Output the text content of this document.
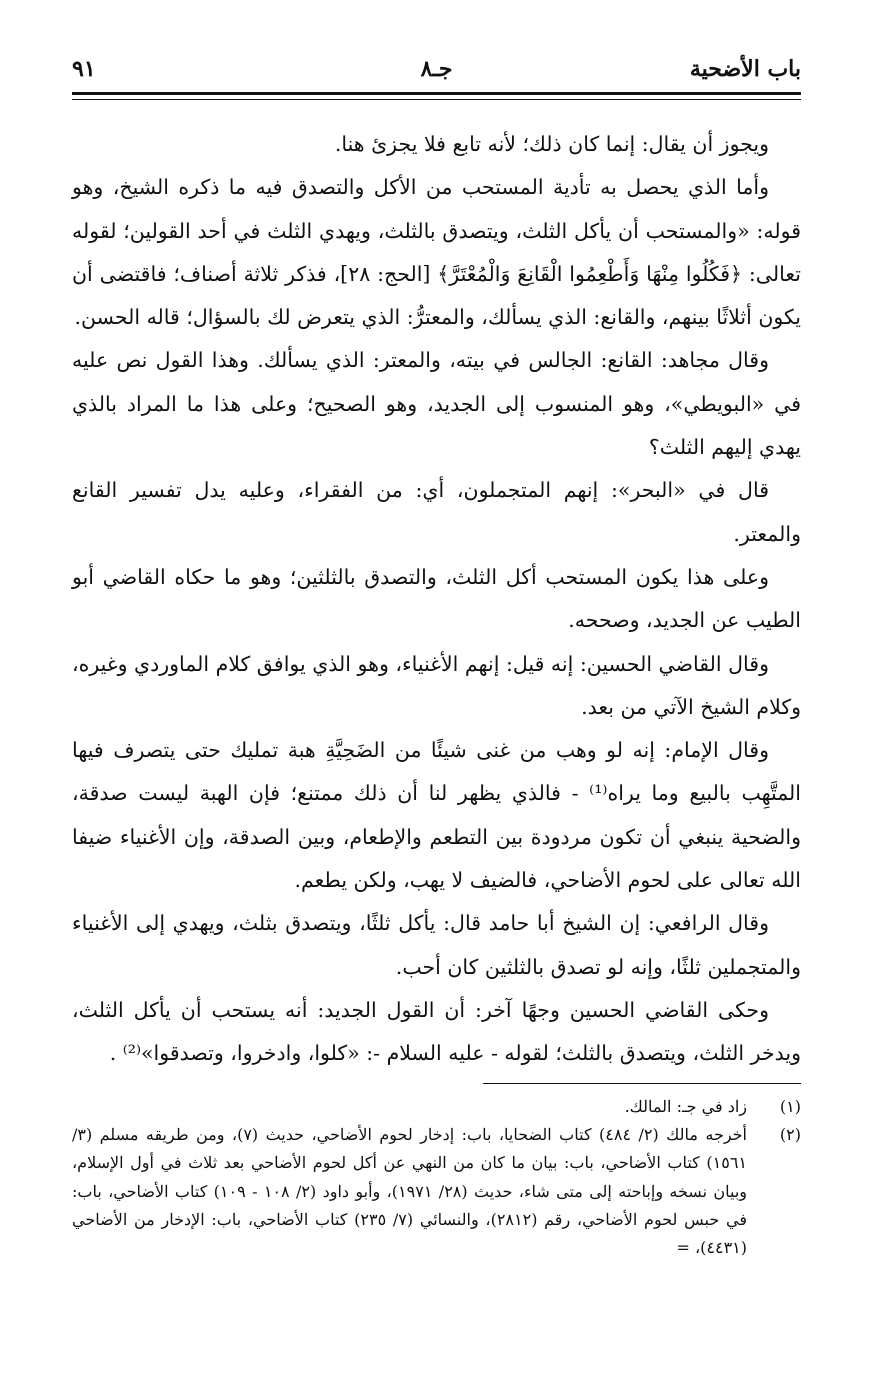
باب الأضحية
جـ٨
٩١

ويجوز أن يقال: إنما كان ذلك؛ لأنه تابع فلا يجزئ هنا.

وأما الذي يحصل به تأدية المستحب من الأكل والتصدق فيه ما ذكره الشيخ، وهو قوله: «والمستحب أن يأكل الثلث، ويتصدق بالثلث، ويهدي الثلث في أحد القولين؛ لقوله تعالى: ﴿فَكُلُوا مِنْهَا وَأَطْعِمُوا الْقَانِعَ وَالْمُعْتَرَّ﴾ [الحج: ٢٨]، فذكر ثلاثة أصناف؛ فاقتضى أن يكون أثلاثًا بينهم، والقانع: الذي يسألك، والمعترُّ: الذي يتعرض لك بالسؤال؛ قاله الحسن.

وقال مجاهد: القانع: الجالس في بيته، والمعتر: الذي يسألك. وهذا القول نص عليه في «البويطي»، وهو المنسوب إلى الجديد، وهو الصحيح؛ وعلى هذا ما المراد بالذي يهدي إليهم الثلث؟

قال في «البحر»: إنهم المتجملون، أي: من الفقراء، وعليه يدل تفسير القانع والمعتر.

وعلى هذا يكون المستحب أكل الثلث، والتصدق بالثلثين؛ وهو ما حكاه القاضي أبو الطيب عن الجديد، وصححه.

وقال القاضي الحسين: إنه قيل: إنهم الأغنياء، وهو الذي يوافق كلام الماوردي وغيره، وكلام الشيخ الآتي من بعد.

وقال الإمام: إنه لو وهب من غنى شيئًا من الضَحِيَّةِ هبة تمليك حتى يتصرف فيها المتَّهِب بالبيع وما يراه⁽¹⁾ - فالذي يظهر لنا أن ذلك ممتنع؛ فإن الهبة ليست صدقة، والضحية ينبغي أن تكون مردودة بين التطعم والإطعام، وبين الصدقة، وإن الأغنياء ضيفا الله تعالى على لحوم الأضاحي، فالضيف لا يهب، ولكن يطعم.

وقال الرافعي: إن الشيخ أبا حامد قال: يأكل ثلثًا، ويتصدق بثلث، ويهدي إلى الأغنياء والمتجملين ثلثًا، وإنه لو تصدق بالثلثين كان أحب.

وحكى القاضي الحسين وجهًا آخر: أن القول الجديد: أنه يستحب أن يأكل الثلث، ويدخر الثلث، ويتصدق بالثلث؛ لقوله - عليه السلام -: «كلوا، وادخروا، وتصدقوا»⁽²⁾ .

(١)
زاد في جـ: المالك.
(٢)
أخرجه مالك (٢/ ٤٨٤) كتاب الضحايا، باب: إدخار لحوم الأضاحي، حديث (٧)، ومن طريقه مسلم (٣/ ١٥٦١) كتاب الأضاحي، باب: بيان ما كان من النهي عن أكل لحوم الأضاحي بعد ثلاث في أول الإسلام، وبيان نسخه وإباحته إلى متى شاء، حديث (٢٨/ ١٩٧١)، وأبو داود (٢/ ١٠٨ - ١٠٩) كتاب الأضاحي، باب: في حبس لحوم الأضاحي، رقم (٢٨١٢)، والنسائي (٧/ ٢٣٥) كتاب الأضاحي، باب: الإدخار من الأضاحي (٤٤٣١)، =
